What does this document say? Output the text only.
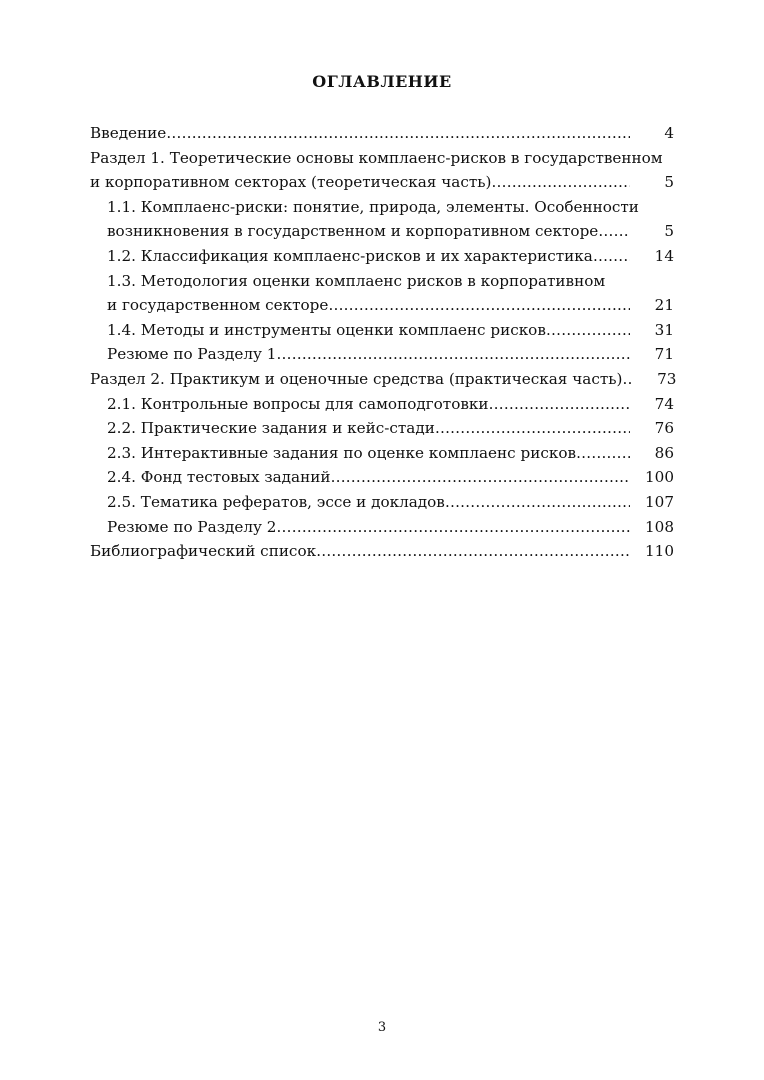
ОГЛАВЛЕНИЕ
Введение ……………………………………………………………………………………………………………………………………………………………………	4
Раздел 1. Теоретические основы комплаенс-рисков в государственном
и корпоративном секторах (теоретическая часть) ……………………………………………………………………………………………………………………………………………………………………	5
1.1. Комплаенс-риски: понятие, природа, элементы. Особенности
возникновения в государственном и корпоративном секторе ……………………………………………………………………………………………………………………………………………………………………	5
1.2. Классификация комплаенс-рисков и их характеристика ……………………………………………………………………………………………………………………………………………………………………	14
1.3. Методология оценки комплаенс рисков в корпоративном
и государственном секторе ……………………………………………………………………………………………………………………………………………………………………	21
1.4. Методы и инструменты оценки комплаенс рисков ……………………………………………………………………………………………………………………………………………………………………	31
Резюме по Разделу 1 ……………………………………………………………………………………………………………………………………………………………………	71
Раздел 2. Практикум и оценочные средства (практическая часть) ……………………………………………………………………………………………………………………………………………………………………	73
2.1. Контрольные вопросы для самоподготовки ……………………………………………………………………………………………………………………………………………………………………	74
2.2. Практические задания и кейс-стади ……………………………………………………………………………………………………………………………………………………………………	76
2.3. Интерактивные задания по оценке комплаенс рисков ……………………………………………………………………………………………………………………………………………………………………	86
2.4. Фонд тестовых заданий ……………………………………………………………………………………………………………………………………………………………………	100
2.5. Тематика рефератов, эссе и докладов ……………………………………………………………………………………………………………………………………………………………………	107
Резюме по Разделу 2 ……………………………………………………………………………………………………………………………………………………………………	108
Библиографический список ……………………………………………………………………………………………………………………………………………………………………	110
3
